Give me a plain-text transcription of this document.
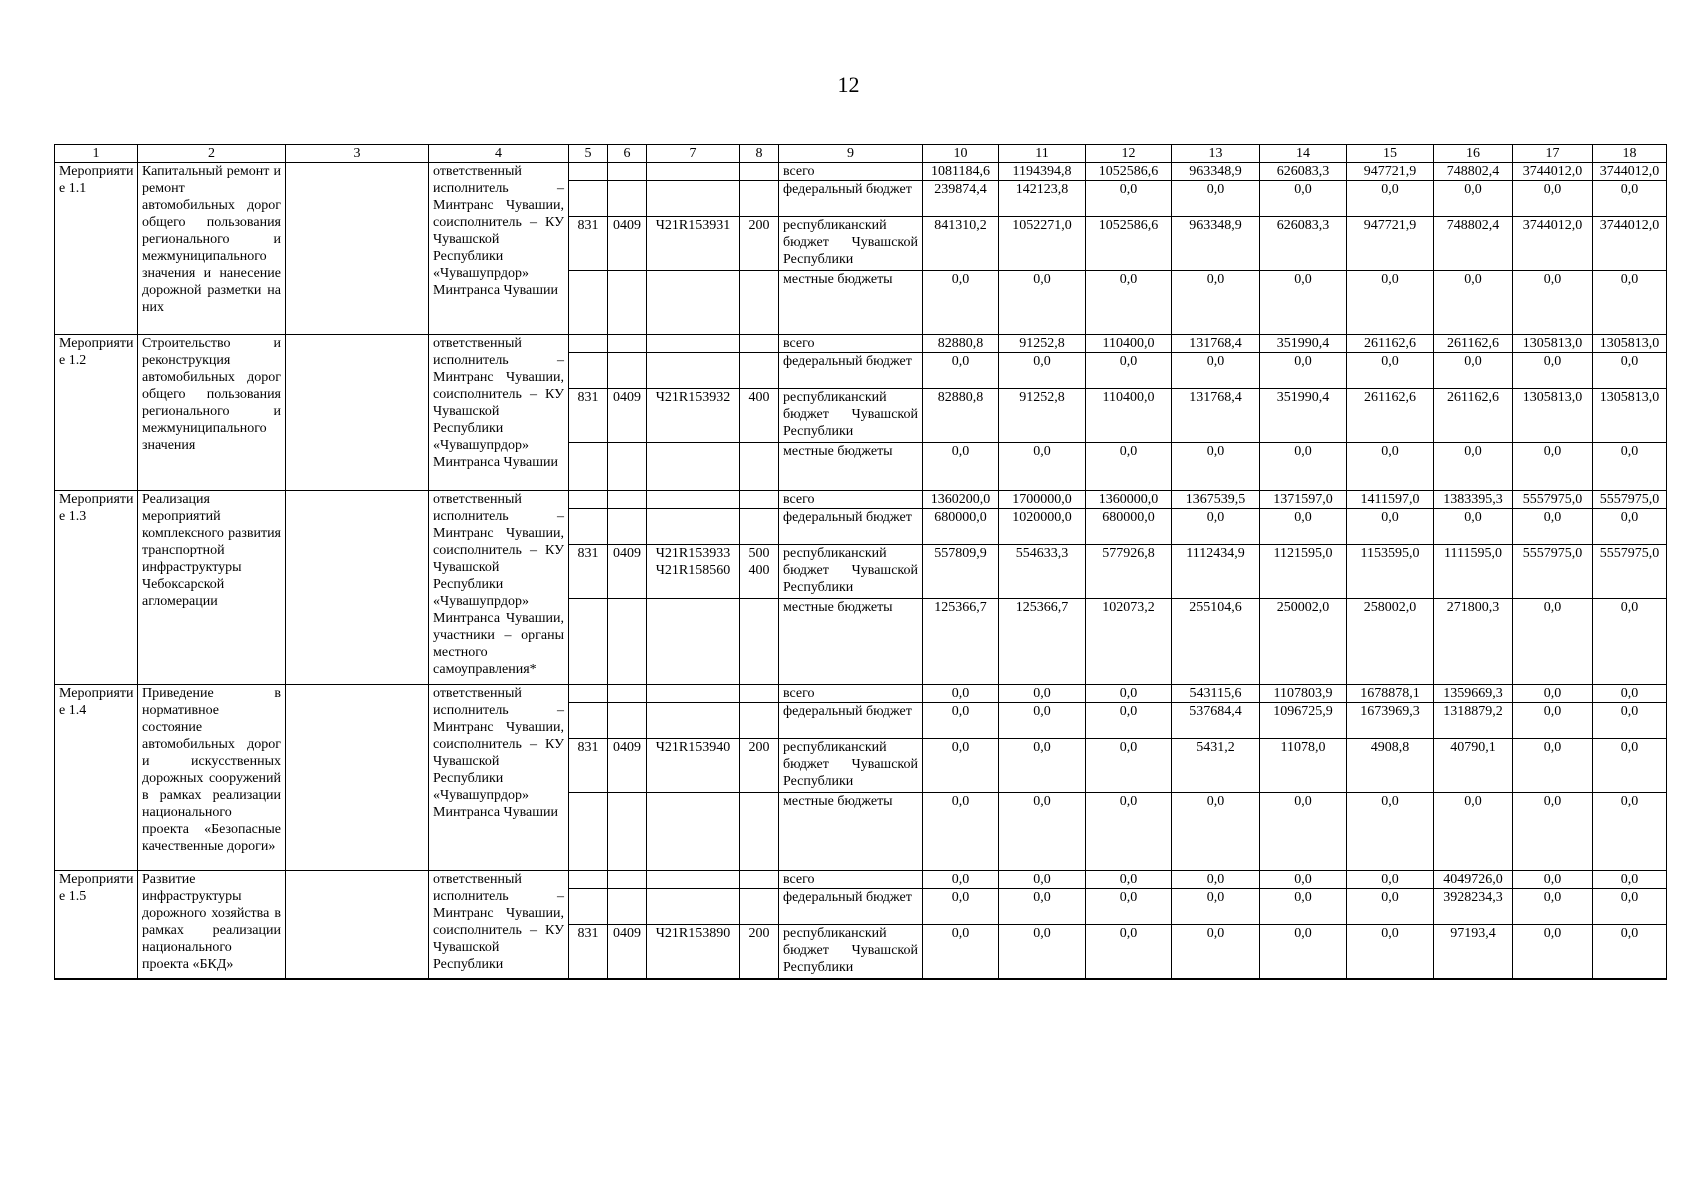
12
1	2	3	4	5	6	7	8	9	10	11	12	13	14	15	16	17	18
Мероприятие 1.1	Капитальный ремонт и ремонт автомобильных дорог общего пользования регионального и межмуниципального значения и нанесение дорожной разметки на них		ответственный исполнитель – Минтранс Чувашии, соисполнитель – КУ Чувашской Республики «Чувашупрдор» Минтранса Чувашии					всего	1081184,6	1194394,8	1052586,6	963348,9	626083,3	947721,9	748802,4	3744012,0	3744012,0
								федеральный бюджет	239874,4	142123,8	0,0	0,0	0,0	0,0	0,0	0,0	0,0
				831	0409	Ч21R153931	200	республиканский бюджет Чувашской Республики	841310,2	1052271,0	1052586,6	963348,9	626083,3	947721,9	748802,4	3744012,0	3744012,0
								местные бюджеты	0,0	0,0	0,0	0,0	0,0	0,0	0,0	0,0	0,0
Мероприятие 1.2	Строительство и реконструкция автомобильных дорог общего пользования регионального и межмуниципального значения		ответственный исполнитель – Минтранс Чувашии, соисполнитель – КУ Чувашской Республики «Чувашупрдор» Минтранса Чувашии					всего	82880,8	91252,8	110400,0	131768,4	351990,4	261162,6	261162,6	1305813,0	1305813,0
								федеральный бюджет	0,0	0,0	0,0	0,0	0,0	0,0	0,0	0,0	0,0
				831	0409	Ч21R153932	400	республиканский бюджет Чувашской Республики	82880,8	91252,8	110400,0	131768,4	351990,4	261162,6	261162,6	1305813,0	1305813,0
								местные бюджеты	0,0	0,0	0,0	0,0	0,0	0,0	0,0	0,0	0,0
Мероприятие 1.3	Реализация мероприятий комплексного развития транспортной инфраструктуры Чебоксарской агломерации		ответственный исполнитель – Минтранс Чувашии, соисполнитель – КУ Чувашской Республики «Чувашупрдор» Минтранса Чувашии, участники – органы местного самоуправления*					всего	1360200,0	1700000,0	1360000,0	1367539,5	1371597,0	1411597,0	1383395,3	5557975,0	5557975,0
								федеральный бюджет	680000,0	1020000,0	680000,0	0,0	0,0	0,0	0,0	0,0	0,0
				831	0409	Ч21R153933 Ч21R158560	500 400	республиканский бюджет Чувашской Республики	557809,9	554633,3	577926,8	1112434,9	1121595,0	1153595,0	1111595,0	5557975,0	5557975,0
								местные бюджеты	125366,7	125366,7	102073,2	255104,6	250002,0	258002,0	271800,3	0,0	0,0
Мероприятие 1.4	Приведение в нормативное состояние автомобильных дорог и искусственных дорожных сооружений в рамках реализации национального проекта «Безопасные качественные дороги»		ответственный исполнитель – Минтранс Чувашии, соисполнитель – КУ Чувашской Республики «Чувашупрдор» Минтранса Чувашии					всего	0,0	0,0	0,0	543115,6	1107803,9	1678878,1	1359669,3	0,0	0,0
								федеральный бюджет	0,0	0,0	0,0	537684,4	1096725,9	1673969,3	1318879,2	0,0	0,0
				831	0409	Ч21R153940	200	республиканский бюджет Чувашской Республики	0,0	0,0	0,0	5431,2	11078,0	4908,8	40790,1	0,0	0,0
								местные бюджеты	0,0	0,0	0,0	0,0	0,0	0,0	0,0	0,0	0,0
Мероприятие 1.5	Развитие инфраструктуры дорожного хозяйства в рамках реализации национального проекта «БКД»		ответственный исполнитель – Минтранс Чувашии, соисполнитель – КУ Чувашской Республики					всего	0,0	0,0	0,0	0,0	0,0	0,0	4049726,0	0,0	0,0
								федеральный бюджет	0,0	0,0	0,0	0,0	0,0	0,0	3928234,3	0,0	0,0
				831	0409	Ч21R153890	200	республиканский бюджет Чувашской Республики	0,0	0,0	0,0	0,0	0,0	0,0	97193,4	0,0	0,0
